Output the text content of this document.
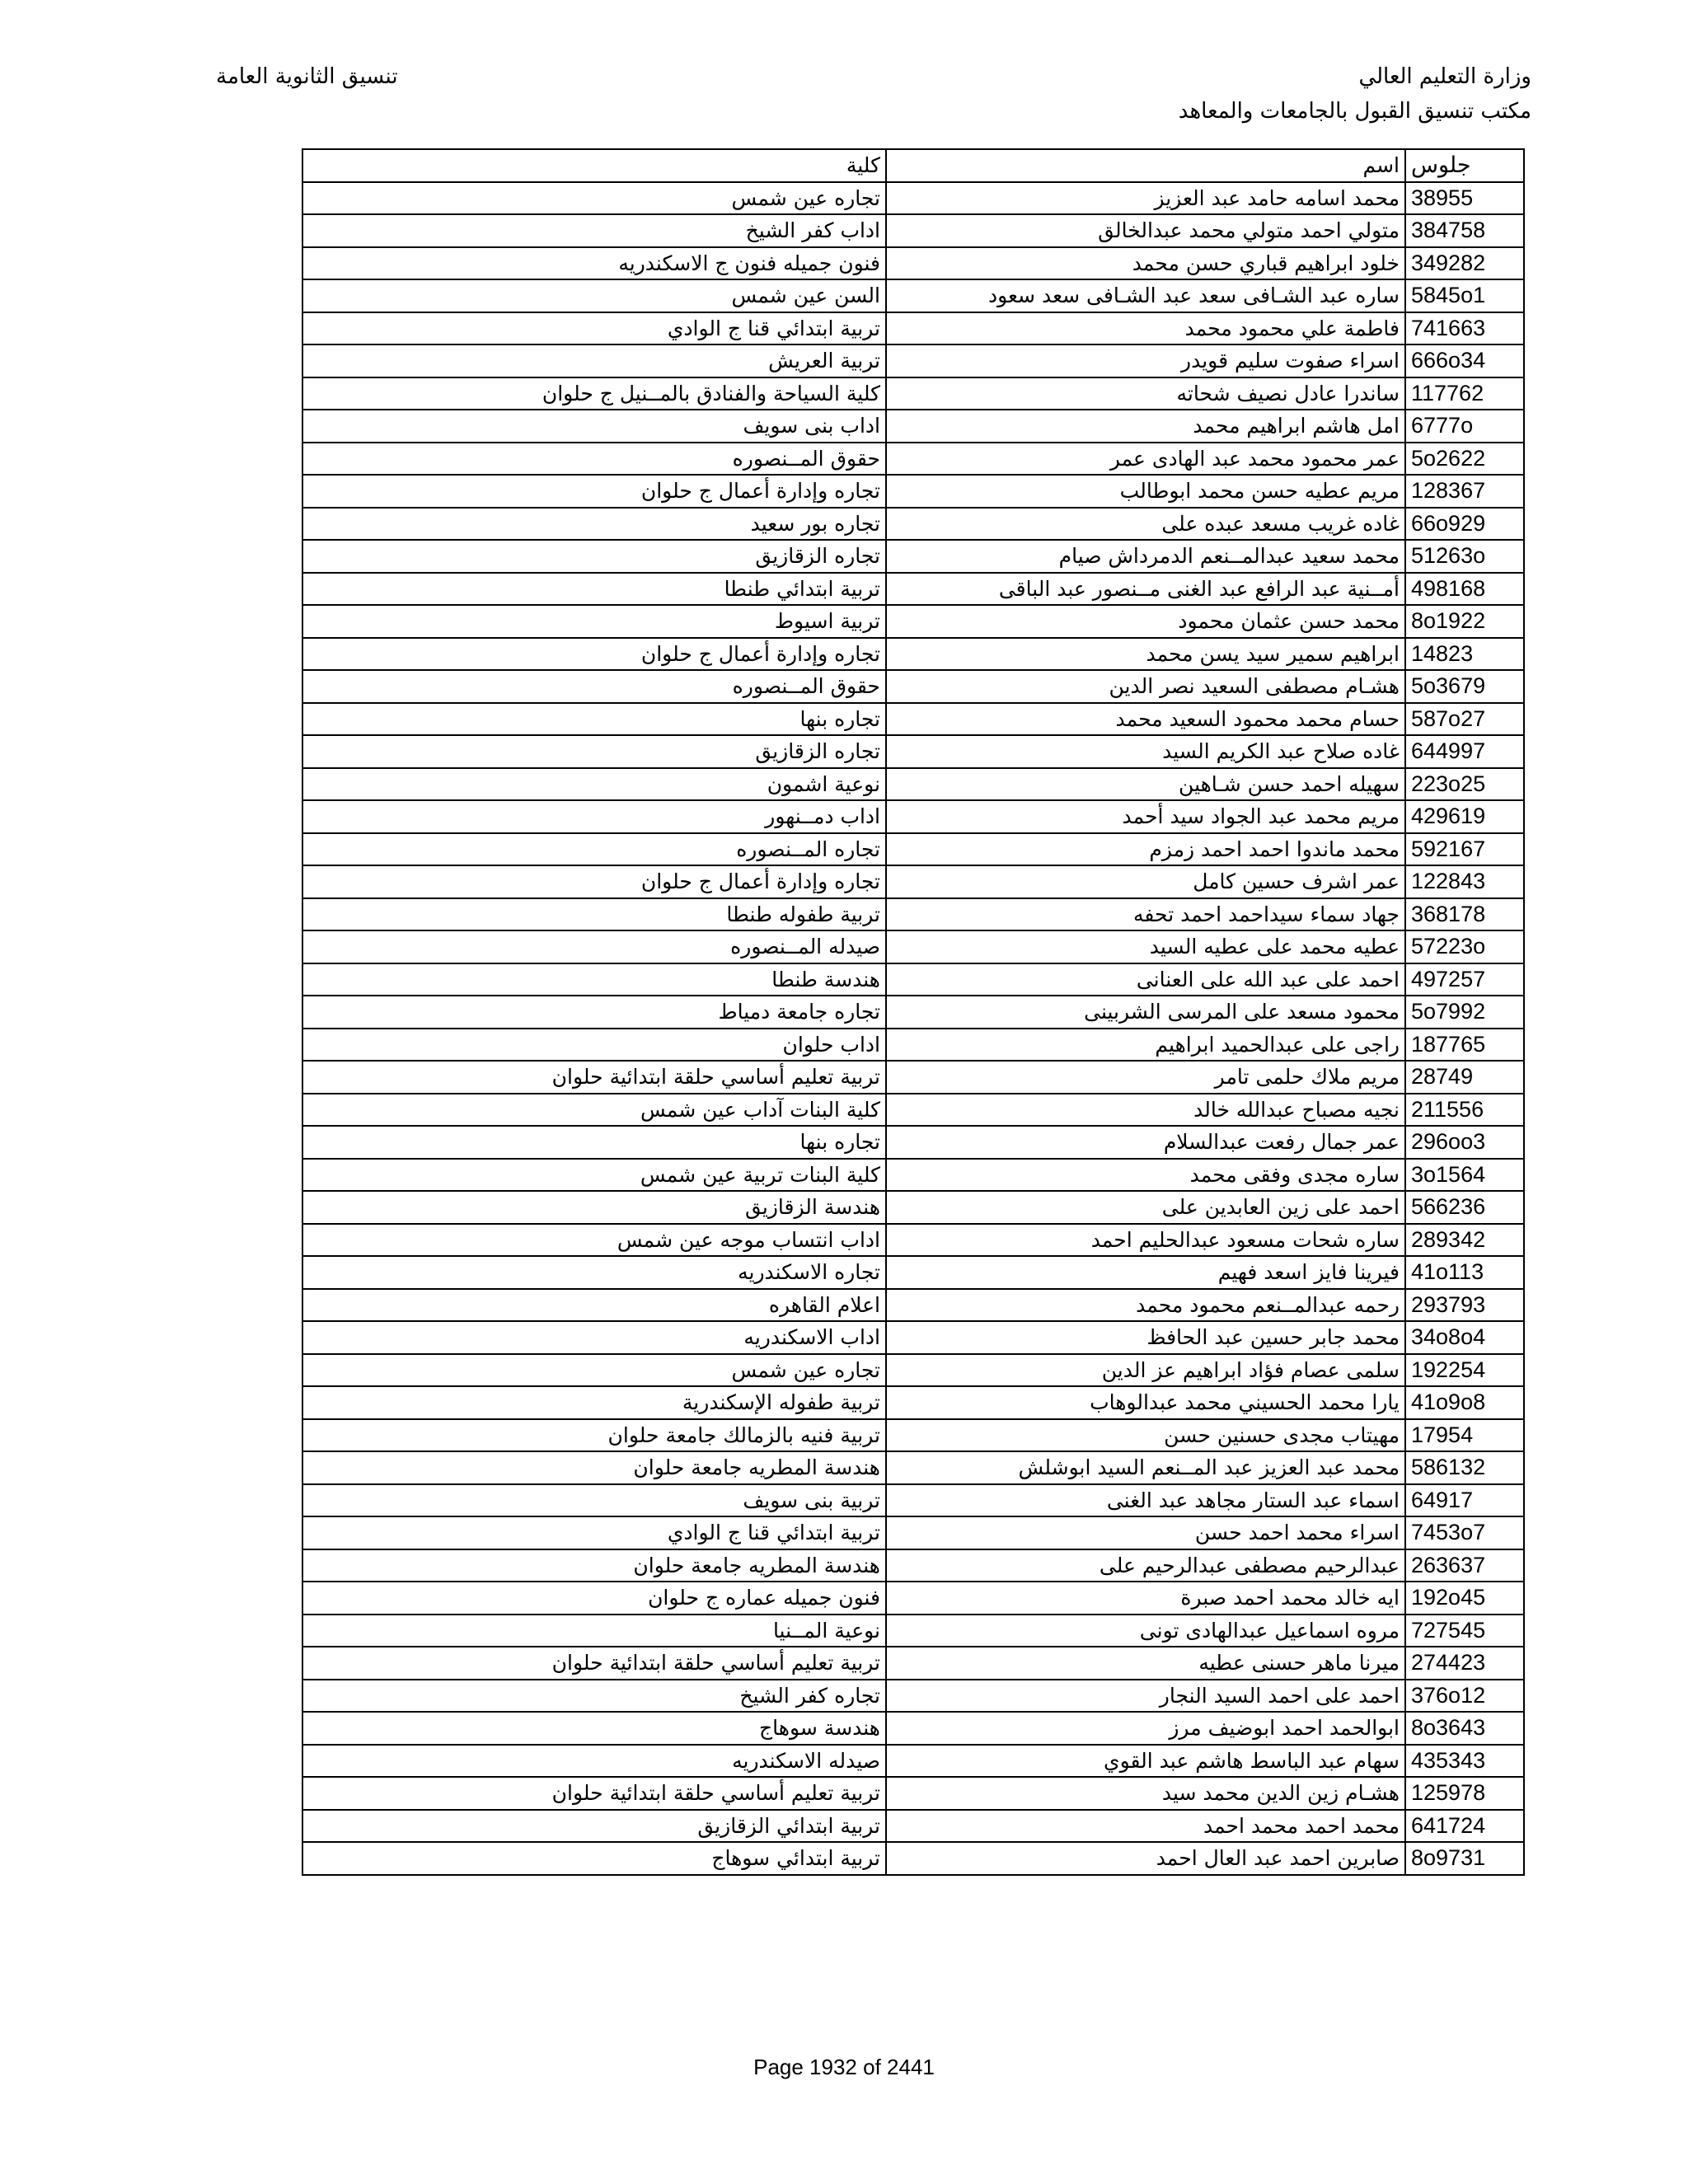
وزارة التعليم العالي
مكتب تنسيق القبول بالجامعات والمعاهد
تنسيق الثانوية العامة
كلية	اسم	جلوس
تجاره عين شمس	محمد اسامه حامد عبد العزيز	38955
اداب كفر الشيخ	متولي احمد متولي محمد عبدالخالق	384758
فنون جميله فنون ج الاسكندريه	خلود ابراهيم قباري حسن محمد	349282
السن عين شمس	ساره عبد الشـافى سعد عبد الشـافى سعد سعود	5845o1
تربية ابتدائي قنا ج الوادي	فاطمة علي محمود محمد	741663
تربية العريش	اسراء صفوت سليم قويدر	666o34
كلية السياحة والفنادق بالمــنيل ج حلوان	ساندرا عادل نصيف شحاته	117762
اداب بنى سويف	امل هاشم ابراهيم محمد	6777o
حقوق المــنصوره	عمر محمود محمد عبد الهادى عمر	5o2622
تجاره وإدارة أعمال ج حلوان	مريم عطيه حسن محمد ابوطالب	128367
تجاره بور سعيد	غاده غريب مسعد عبده على	66o929
تجاره الزقازيق	محمد سعيد عبدالمــنعم الدمرداش صيام	51263o
تربية ابتدائي طنطا	أمــنية عبد الرافع عبد الغنى مــنصور عبد الباقى	498168
تربية اسيوط	محمد حسن عثمان محمود	8o1922
تجاره وإدارة أعمال ج حلوان	ابراهيم سمير سيد يسن محمد	14823
حقوق المــنصوره	هشـام مصطفى السعيد نصر الدين	5o3679
تجاره بنها	حسام محمد محمود السعيد محمد	587o27
تجاره الزقازيق	غاده صلاح عبد الكريم السيد	644997
نوعية اشمون	سهيله احمد حسن شـاهين	223o25
اداب دمــنهور	مريم محمد عبد الجواد سيد أحمد	429619
تجاره المــنصوره	محمد ماندوا احمد احمد زمزم	592167
تجاره وإدارة أعمال ج حلوان	عمر اشرف حسين كامل	122843
تربية طفوله طنطا	جهاد سماء سيداحمد احمد تحفه	368178
صيدله المــنصوره	عطيه محمد على عطيه السيد	57223o
هندسة طنطا	احمد على عبد الله على العنانى	497257
تجاره جامعة دمياط	محمود مسعد على المرسى الشربينى	5o7992
اداب حلوان	راجى على عبدالحميد ابراهيم	187765
تربية تعليم أساسي حلقة ابتدائية حلوان	مريم ملاك حلمى تامر	28749
كلية البنات آداب عين شمس	نجيه مصباح عبدالله خالد	211556
تجاره بنها	عمر جمال رفعت عبدالسلام	296oo3
كلية البنات تربية عين شمس	ساره مجدى وفقى محمد	3o1564
هندسة الزقازيق	احمد على زين العابدين على	566236
اداب انتساب موجه عين شمس	ساره شحات مسعود عبدالحليم احمد	289342
تجاره الاسكندريه	فيرينا فايز اسعد فهيم	41o113
اعلام القاهره	رحمه عبدالمــنعم محمود محمد	293793
اداب الاسكندريه	محمد جابر حسين عبد الحافظ	34o8o4
تجاره عين شمس	سلمى عصام فؤاد ابراهيم عز الدين	192254
تربية طفوله الإسكندرية	يارا محمد الحسيني محمد عبدالوهاب	41o9o8
تربية فنيه بالزمالك جامعة حلوان	مهيتاب مجدى حسنين حسن	17954
هندسة المطريه جامعة حلوان	محمد عبد العزيز عبد المــنعم السيد ابوشلش	586132
تربية بنى سويف	اسماء عبد الستار مجاهد عبد الغنى	64917
تربية ابتدائي قنا ج الوادي	اسراء محمد احمد حسن	7453o7
هندسة المطريه جامعة حلوان	عبدالرحيم مصطفى عبدالرحيم على	263637
فنون جميله عماره ج حلوان	ايه خالد محمد احمد صبرة	192o45
نوعية المــنيا	مروه اسماعيل عبدالهادى تونى	727545
تربية تعليم أساسي حلقة ابتدائية حلوان	ميرنا ماهر حسنى عطيه	274423
تجاره كفر الشيخ	احمد على احمد السيد النجار	376o12
هندسة سوهاج	ابوالحمد احمد ابوضيف مرز	8o3643
صيدله الاسكندريه	سهام عبد الباسط هاشم عبد القوي	435343
تربية تعليم أساسي حلقة ابتدائية حلوان	هشـام زين الدين محمد سيد	125978
تربية ابتدائي الزقازيق	محمد احمد محمد احمد	641724
تربية ابتدائي سوهاج	صابرين احمد عبد العال احمد	8o9731
Page 1932 of 2441
